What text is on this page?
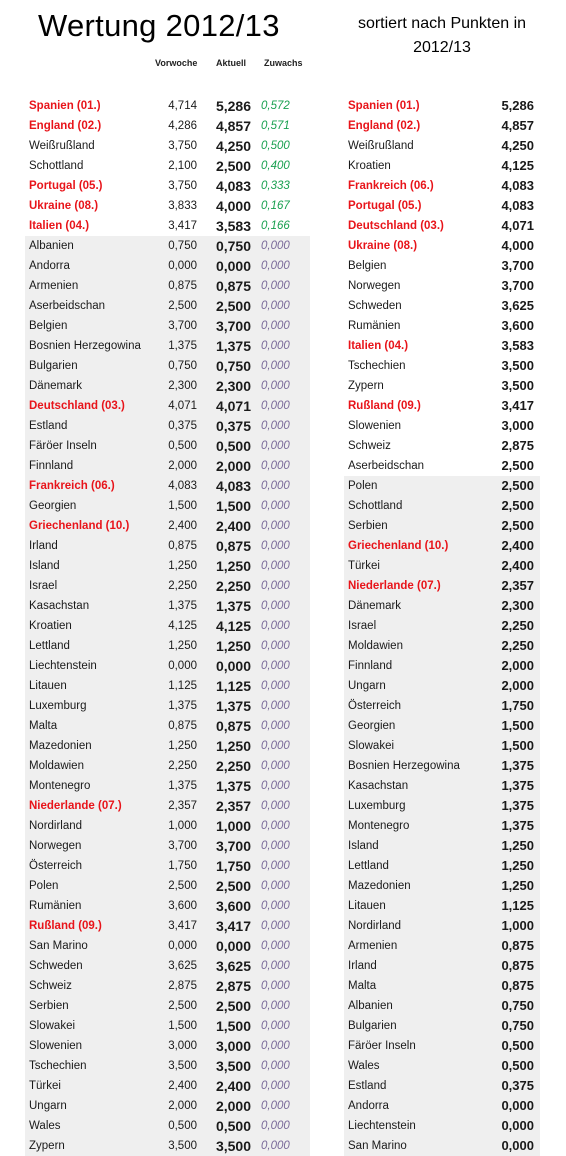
Wertung 2012/13	sortiert nach Punkten in 2012/13
Vorwoche Aktuell Zuwachs
Spanien (01.)	4,714	5,286 0,572
England (02.)	4,286	4,857 0,571
Weißrußland	3,750	4,250 0,500
Schottland	2,100	2,500 0,400
Portugal (05.)	3,750	4,083 0,333
Ukraine (08.)	3,833	4,000 0,167
Italien (04.)	3,417	3,583 0,166
Albanien	0,750	0,750 0,000
Andorra	0,000	0,000 0,000
Armenien	0,875	0,875 0,000
Aserbeidschan	2,500	2,500 0,000
Belgien	3,700	3,700 0,000
Bosnien Herzegowina	1,375	1,375 0,000
Bulgarien	0,750	0,750 0,000
Dänemark	2,300	2,300 0,000
Deutschland (03.)	4,071	4,071 0,000
Estland	0,375	0,375 0,000
Färöer Inseln	0,500	0,500 0,000
Finnland	2,000	2,000 0,000
Frankreich (06.)	4,083	4,083 0,000
Georgien	1,500	1,500 0,000
Griechenland (10.)	2,400	2,400 0,000
Irland	0,875	0,875 0,000
Island	1,250	1,250 0,000
Israel	2,250	2,250 0,000
Kasachstan	1,375	1,375 0,000
Kroatien	4,125	4,125 0,000
Lettland	1,250	1,250 0,000
Liechtenstein	0,000	0,000 0,000
Litauen	1,125	1,125 0,000
Luxemburg	1,375	1,375 0,000
Malta	0,875	0,875 0,000
Mazedonien	1,250	1,250 0,000
Moldawien	2,250	2,250 0,000
Montenegro	1,375	1,375 0,000
Niederlande (07.)	2,357	2,357 0,000
Nordirland	1,000	1,000 0,000
Norwegen	3,700	3,700 0,000
Österreich	1,750	1,750 0,000
Polen	2,500	2,500 0,000
Rumänien	3,600	3,600 0,000
Rußland (09.)	3,417	3,417 0,000
San Marino	0,000	0,000 0,000
Schweden	3,625	3,625 0,000
Schweiz	2,875	2,875 0,000
Serbien	2,500	2,500 0,000
Slowakei	1,500	1,500 0,000
Slowenien	3,000	3,000 0,000
Tschechien	3,500	3,500 0,000
Türkei	2,400	2,400 0,000
Ungarn	2,000	2,000 0,000
Wales	0,500	0,500 0,000
Zypern	3,500	3,500 0,000
Spanien (01.)	5,286
England (02.)	4,857
Weißrußland	4,250
Kroatien	4,125
Frankreich (06.)	4,083
Portugal (05.)	4,083
Deutschland (03.)	4,071
Ukraine (08.)	4,000
Belgien	3,700
Norwegen	3,700
Schweden	3,625
Rumänien	3,600
Italien (04.)	3,583
Tschechien	3,500
Zypern	3,500
Rußland (09.)	3,417
Slowenien	3,000
Schweiz	2,875
Aserbeidschan	2,500
Polen	2,500
Schottland	2,500
Serbien	2,500
Griechenland (10.)	2,400
Türkei	2,400
Niederlande (07.)	2,357
Dänemark	2,300
Israel	2,250
Moldawien	2,250
Finnland	2,000
Ungarn	2,000
Österreich	1,750
Georgien	1,500
Slowakei	1,500
Bosnien Herzegowina	1,375
Kasachstan	1,375
Luxemburg	1,375
Montenegro	1,375
Island	1,250
Lettland	1,250
Mazedonien	1,250
Litauen	1,125
Nordirland	1,000
Armenien	0,875
Irland	0,875
Malta	0,875
Albanien	0,750
Bulgarien	0,750
Färöer Inseln	0,500
Wales	0,500
Estland	0,375
Andorra	0,000
Liechtenstein	0,000
San Marino	0,000
